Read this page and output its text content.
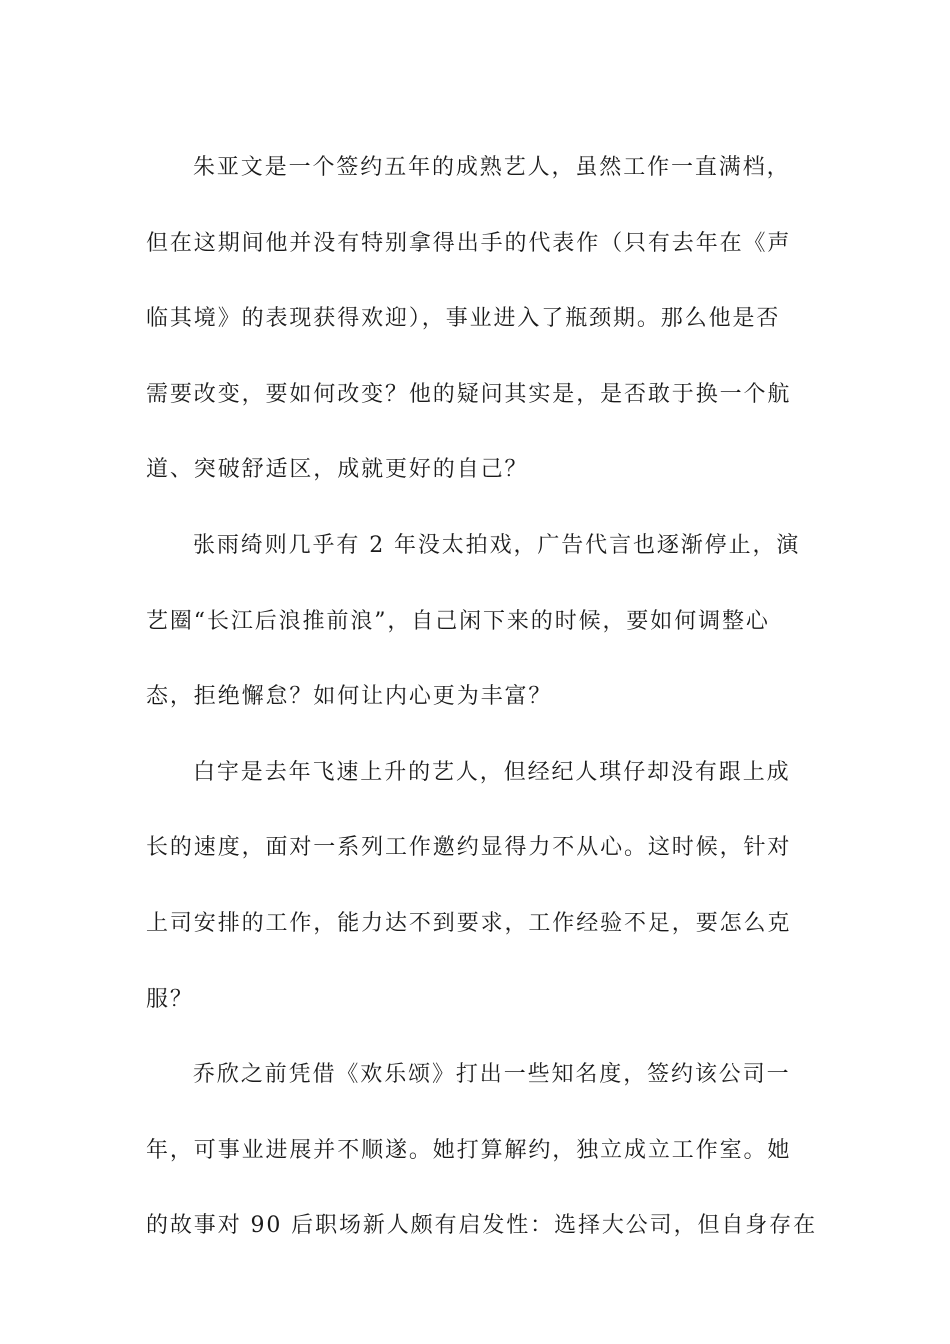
朱亚文是一个签约五年的成熟艺人，虽然工作一直满档，
但在这期间他并没有特别拿得出手的代表作（只有去年在《声
临其境》的表现获得欢迎），事业进入了瓶颈期。那么他是否
需要改变，要如何改变？他的疑问其实是，是否敢于换一个航
道、突破舒适区，成就更好的自己？
张雨绮则几乎有 2 年没太拍戏，广告代言也逐渐停止，演
艺圈“长江后浪推前浪”，自己闲下来的时候，要如何调整心
态，拒绝懈怠？如何让内心更为丰富？
白宇是去年飞速上升的艺人，但经纪人琪仔却没有跟上成
长的速度，面对一系列工作邀约显得力不从心。这时候，针对
上司安排的工作，能力达不到要求，工作经验不足，要怎么克
服？
乔欣之前凭借《欢乐颂》打出一些知名度，签约该公司一
年，可事业进展并不顺遂。她打算解约，独立成立工作室。她
的故事对 90 后职场新人颇有启发性：选择大公司，但自身存在
